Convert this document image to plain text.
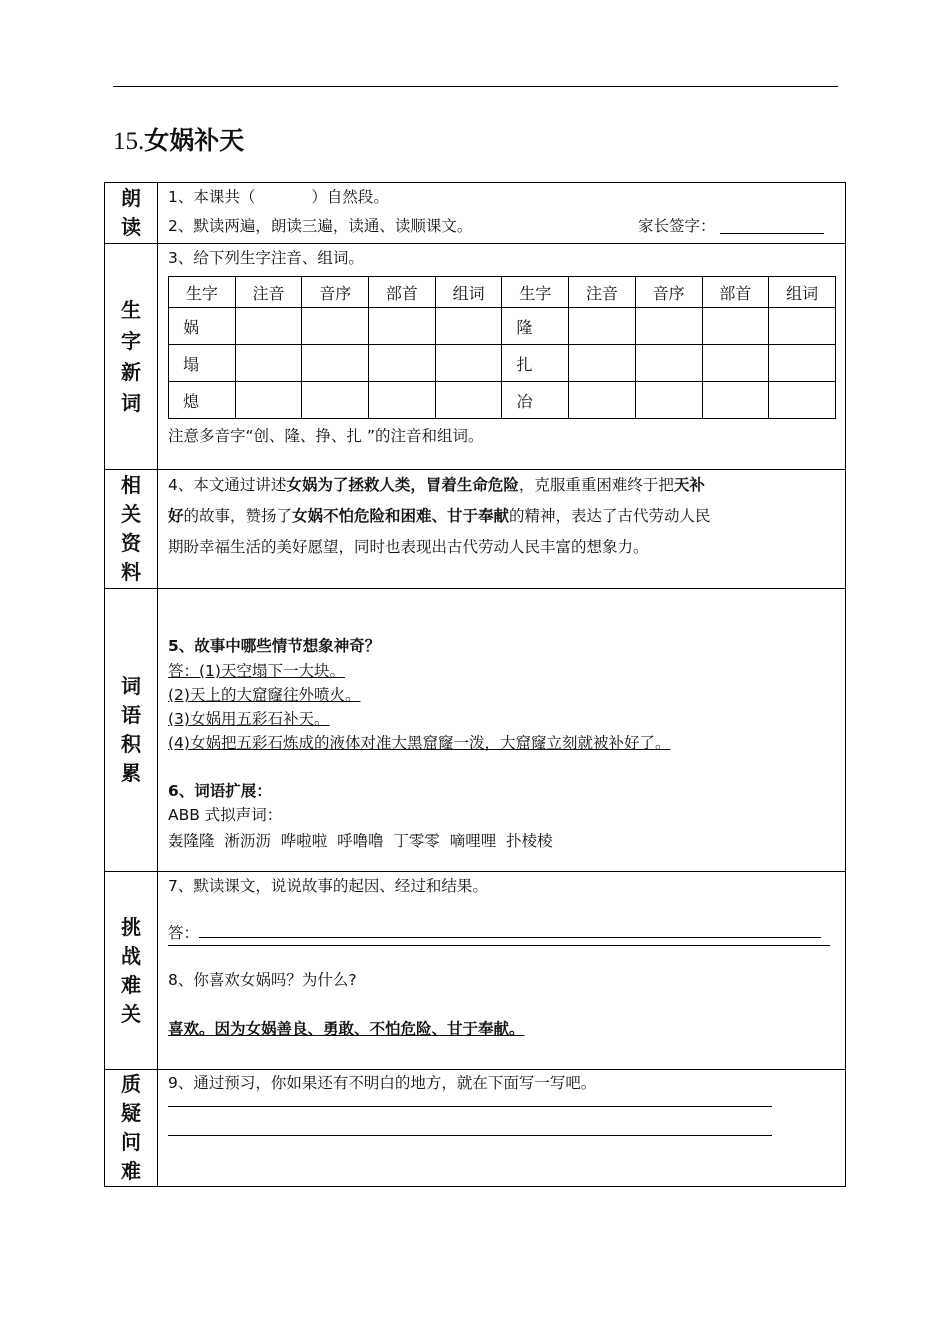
15.女娲补天
朗读

1、本课共（	）自然段。
2、默读两遍，朗读三遍，读通、读顺课文。	家长签字：

生字新词

3、给下列生字注音、组词。
生字	注音	音序	部首	组词	生字	注音	音序	部首	组词
娲					隆				
塌					扎				
熄					冶				
注意多音字“创、隆、挣、扎 ”的注音和组词。

相关资料

4、本文通过讲述女娲为了拯救人类，冒着生命危险，克服重重困难终于把天补
好的故事，赞扬了女娲不怕危险和困难、甘于奉献的精神，表达了古代劳动人民
期盼幸福生活的美好愿望，同时也表现出古代劳动人民丰富的想象力。

词语积累

5、故事中哪些情节想象神奇？
答：(1)天空塌下一大块。
(2)天上的大窟窿往外喷火。
(3)女娲用五彩石补天。
(4)女娲把五彩石炼成的液体对准大黑窟窿一泼，大窟窿立刻就被补好了。
6、词语扩展：
ABB 式拟声词：
轰隆隆  淅沥沥  哗啦啦  呼噜噜  丁零零  嘀哩哩  扑棱棱

挑战难关

7、默读课文，说说故事的起因、经过和结果。
答：
8、你喜欢女娲吗？为什么?
喜欢。因为女娲善良、勇敢、不怕危险、甘于奉献。

质疑问难

9、通过预习，你如果还有不明白的地方，就在下面写一写吧。
